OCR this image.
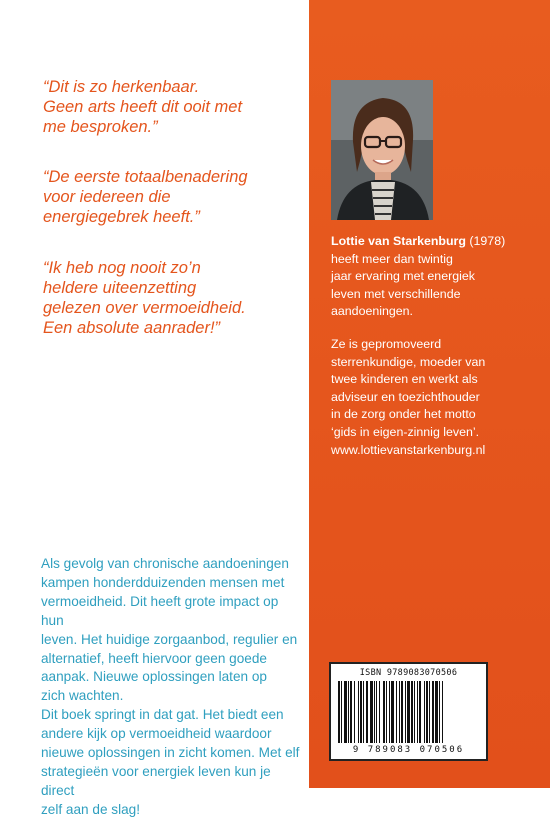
“Dit is zo herkenbaar.
Geen arts heeft dit ooit met
me besproken.”
“De eerste totaalbenadering
voor iedereen die
energiegebrek heeft.”
“Ik heb nog nooit zo’n
heldere uiteenzetting
gelezen over vermoeidheid.
Een absolute aanrader!”
Als gevolg van chronische aandoeningen
kampen honderdduizenden mensen met
vermoeidheid. Dit heeft grote impact op hun
leven. Het huidige zorgaanbod, regulier en
alternatief, heeft hiervoor geen goede
aanpak. Nieuwe oplossingen laten op
zich wachten.
Dit boek springt in dat gat. Het biedt een
andere kijk op vermoeidheid waardoor
nieuwe oplossingen in zicht komen. Met elf
strategieën voor energiek leven kun je direct
zelf aan de slag!
Lottie van Starkenburg (1978) heeft meer dan twintig
jaar ervaring met energiek
leven met verschillende
aandoeningen.
Ze is gepromoveerd
sterrenkundige, moeder van
twee kinderen en werkt als
adviseur en toezichthouder
in de zorg onder het motto
‘gids in eigen-zinnig leven’.
www.lottievanstarkenburg.nl
ISBN 9789083070506
9 789083 070506
